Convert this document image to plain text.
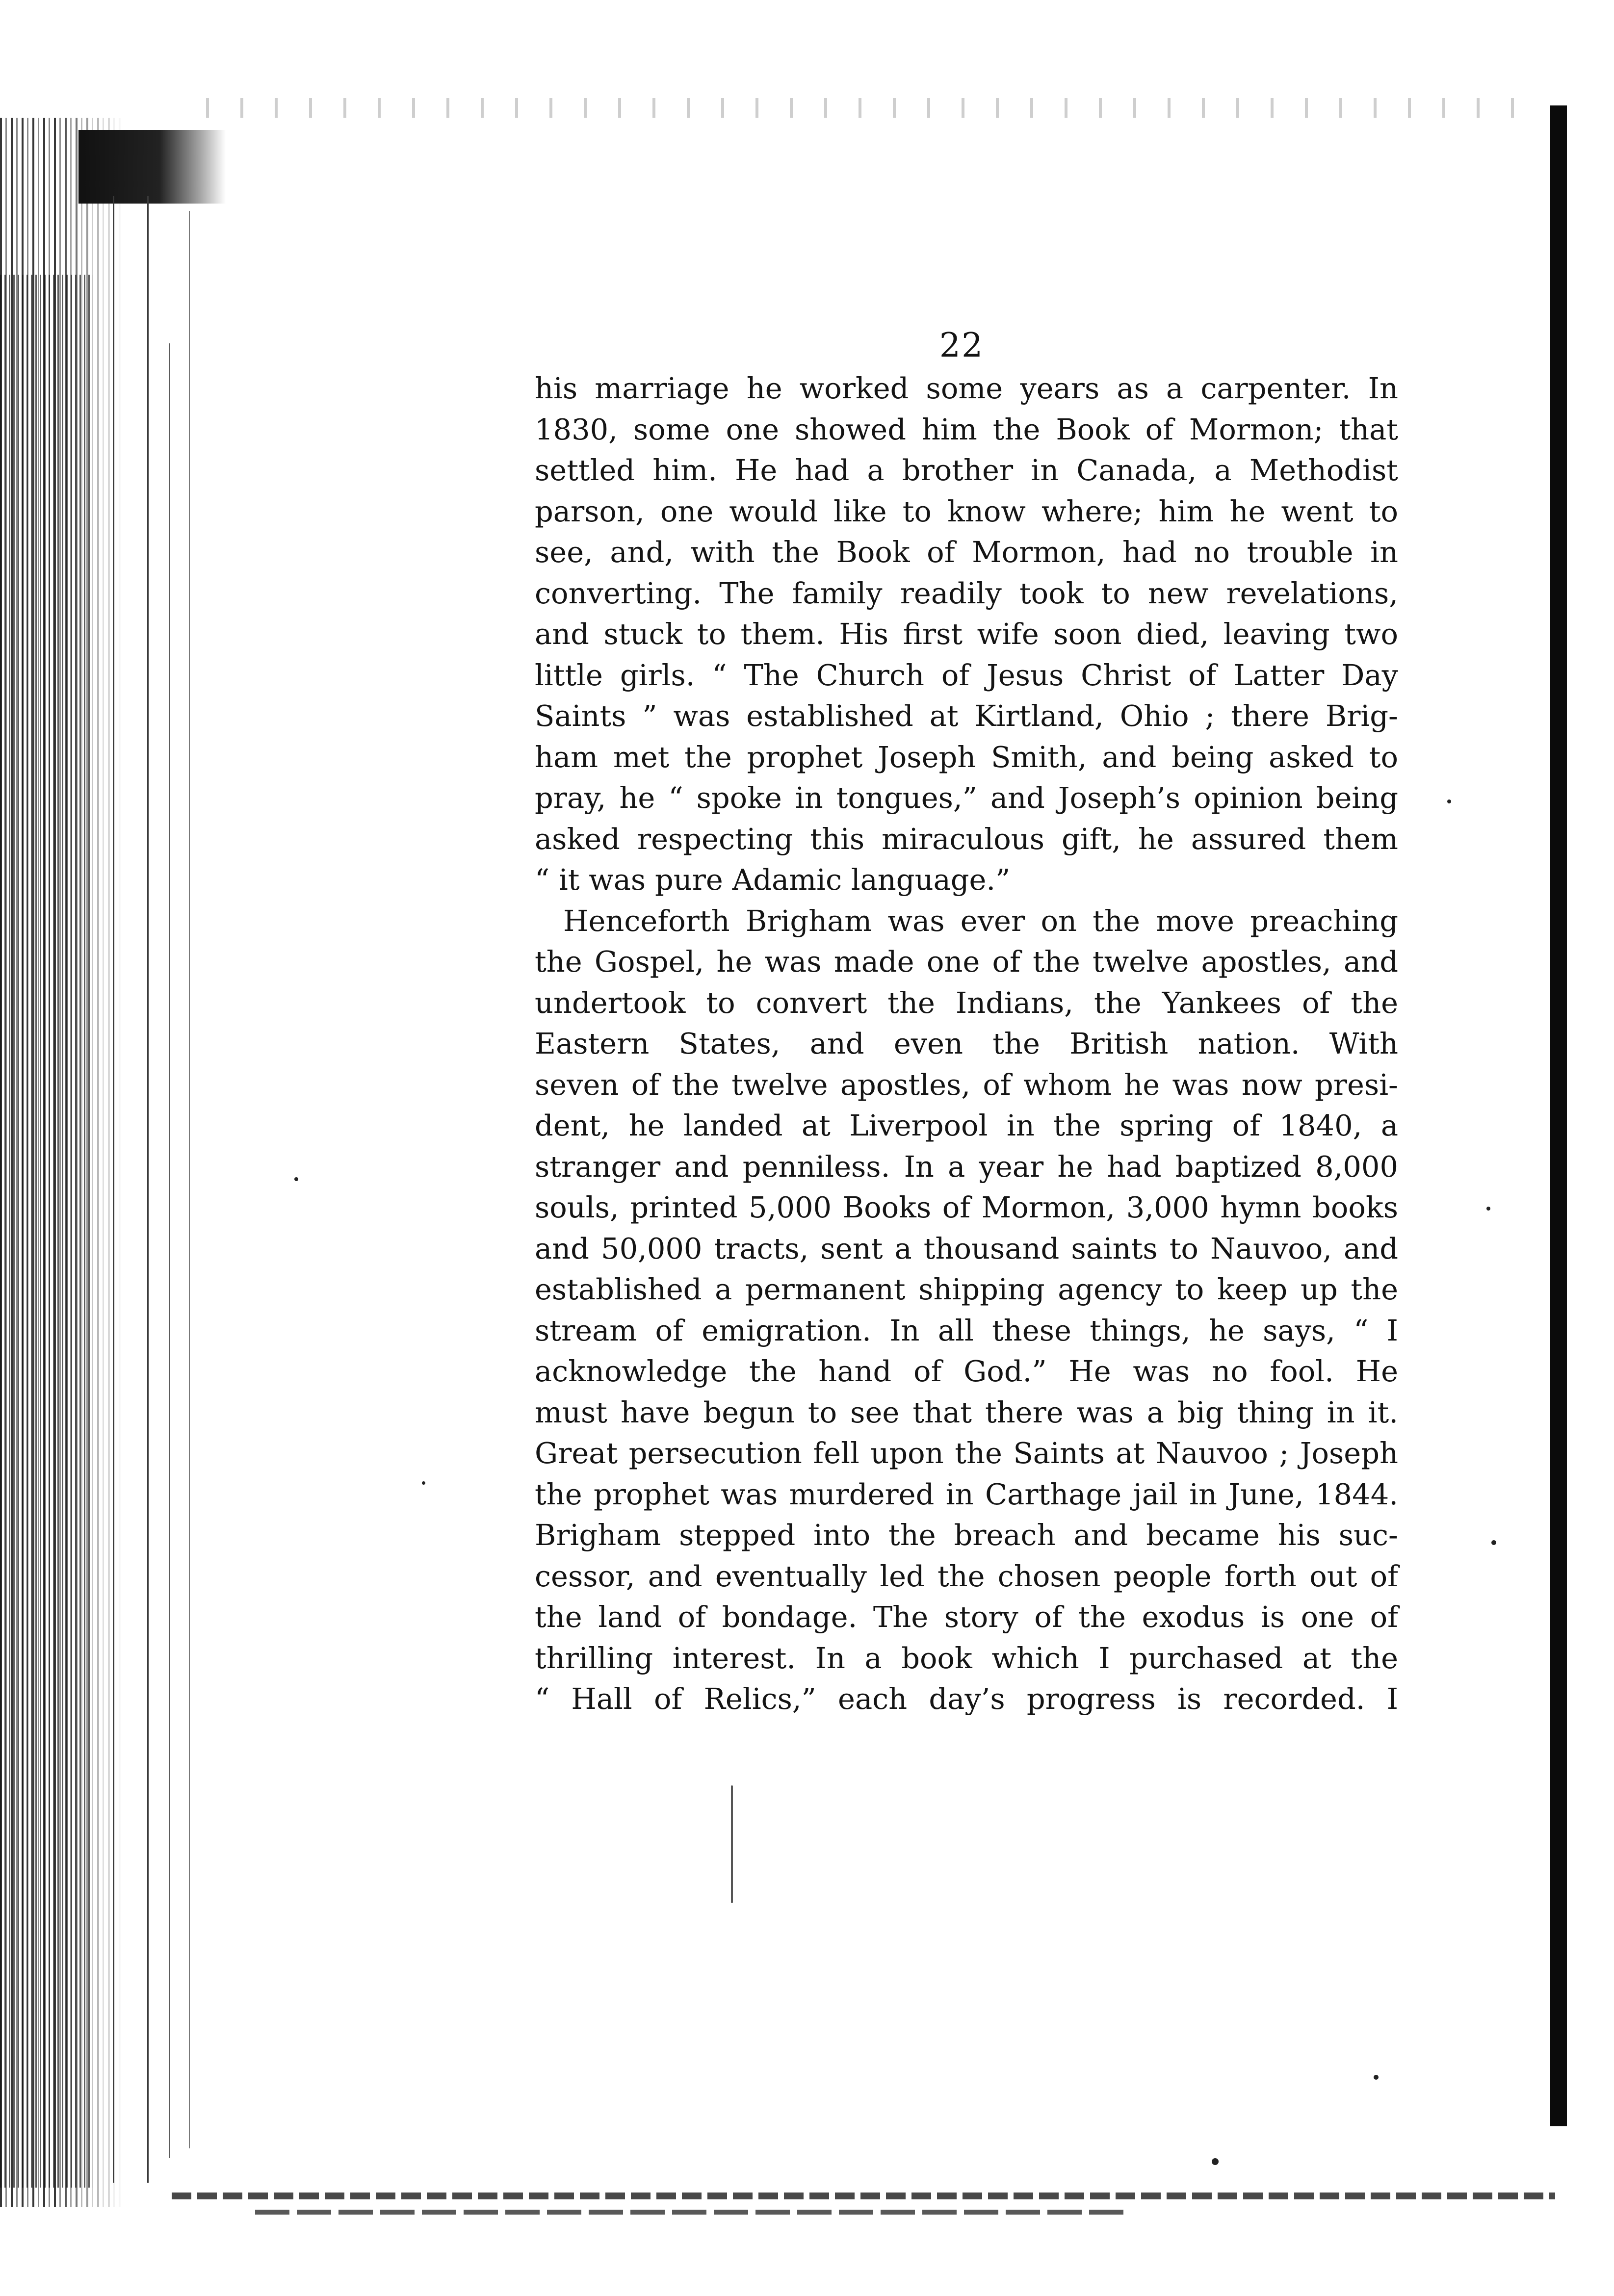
22
his marriage he worked some years as a carpenter. In
1830, some one showed him the Book of Mormon; that
settled him. He had a brother in Canada, a Methodist
parson, one would like to know where; him he went to
see, and, with the Book of Mormon, had no trouble in
converting. The family readily took to new revelations,
and stuck to them. His first wife soon died, leaving two
little girls. “ The Church of Jesus Christ of Latter Day
Saints ” was established at Kirtland, Ohio ; there Brig-
ham met the prophet Joseph Smith, and being asked to
pray, he “ spoke in tongues,” and Joseph’s opinion being
asked respecting this miraculous gift, he assured them
“ it was pure Adamic language.”
Henceforth Brigham was ever on the move preaching
the Gospel, he was made one of the twelve apostles, and
undertook to convert the Indians, the Yankees of the
Eastern States, and even the British nation. With
seven of the twelve apostles, of whom he was now presi-
dent, he landed at Liverpool in the spring of 1840, a
stranger and penniless. In a year he had baptized 8,000
souls, printed 5,000 Books of Mormon, 3,000 hymn books
and 50,000 tracts, sent a thousand saints to Nauvoo, and
established a permanent shipping agency to keep up the
stream of emigration. In all these things, he says, “ I
acknowledge the hand of God.” He was no fool. He
must have begun to see that there was a big thing in it.
Great persecution fell upon the Saints at Nauvoo ; Joseph
the prophet was murdered in Carthage jail in June, 1844.
Brigham stepped into the breach and became his suc-
cessor, and eventually led the chosen people forth out of
the land of bondage. The story of the exodus is one of
thrilling interest. In a book which I purchased at the
“ Hall of Relics,” each day’s progress is recorded. I
